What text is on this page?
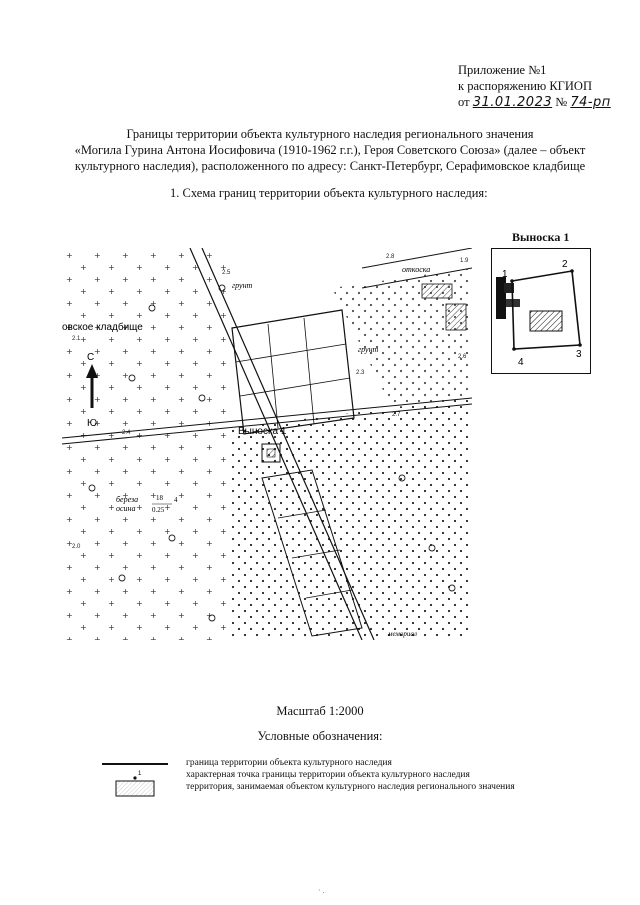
Приложение №1
к распоряжению КГИОП
от 31.01.2023 № 74-рп
Границы территории объекта культурного наследия регионального значения
«Могила Гурина Антона Иосифовича (1910-1962 г.г.), Героя Советского Союза» (далее – объект
культурного наследия), расположенного по адресу: Санкт-Петербург, Серафимовское кладбище
1. Схема границ территории объекта культурного наследия:
Выноска 1
1
2
3
4
С
Ю
овское кладбище
Выноска 1
грунт
грунт
откоска
береза
осина
18
0.25
4
мемориал
2.1
2.8
2.7
2.4
2.6
1.9
2.5
2.0
2.3
Масштаб 1:2000
Условные обозначения:
граница территории объекта культурного наследия
1	характерная точка границы территории объекта культурного наследия
территория, занимаемая объектом культурного наследия регионального значения
· .
